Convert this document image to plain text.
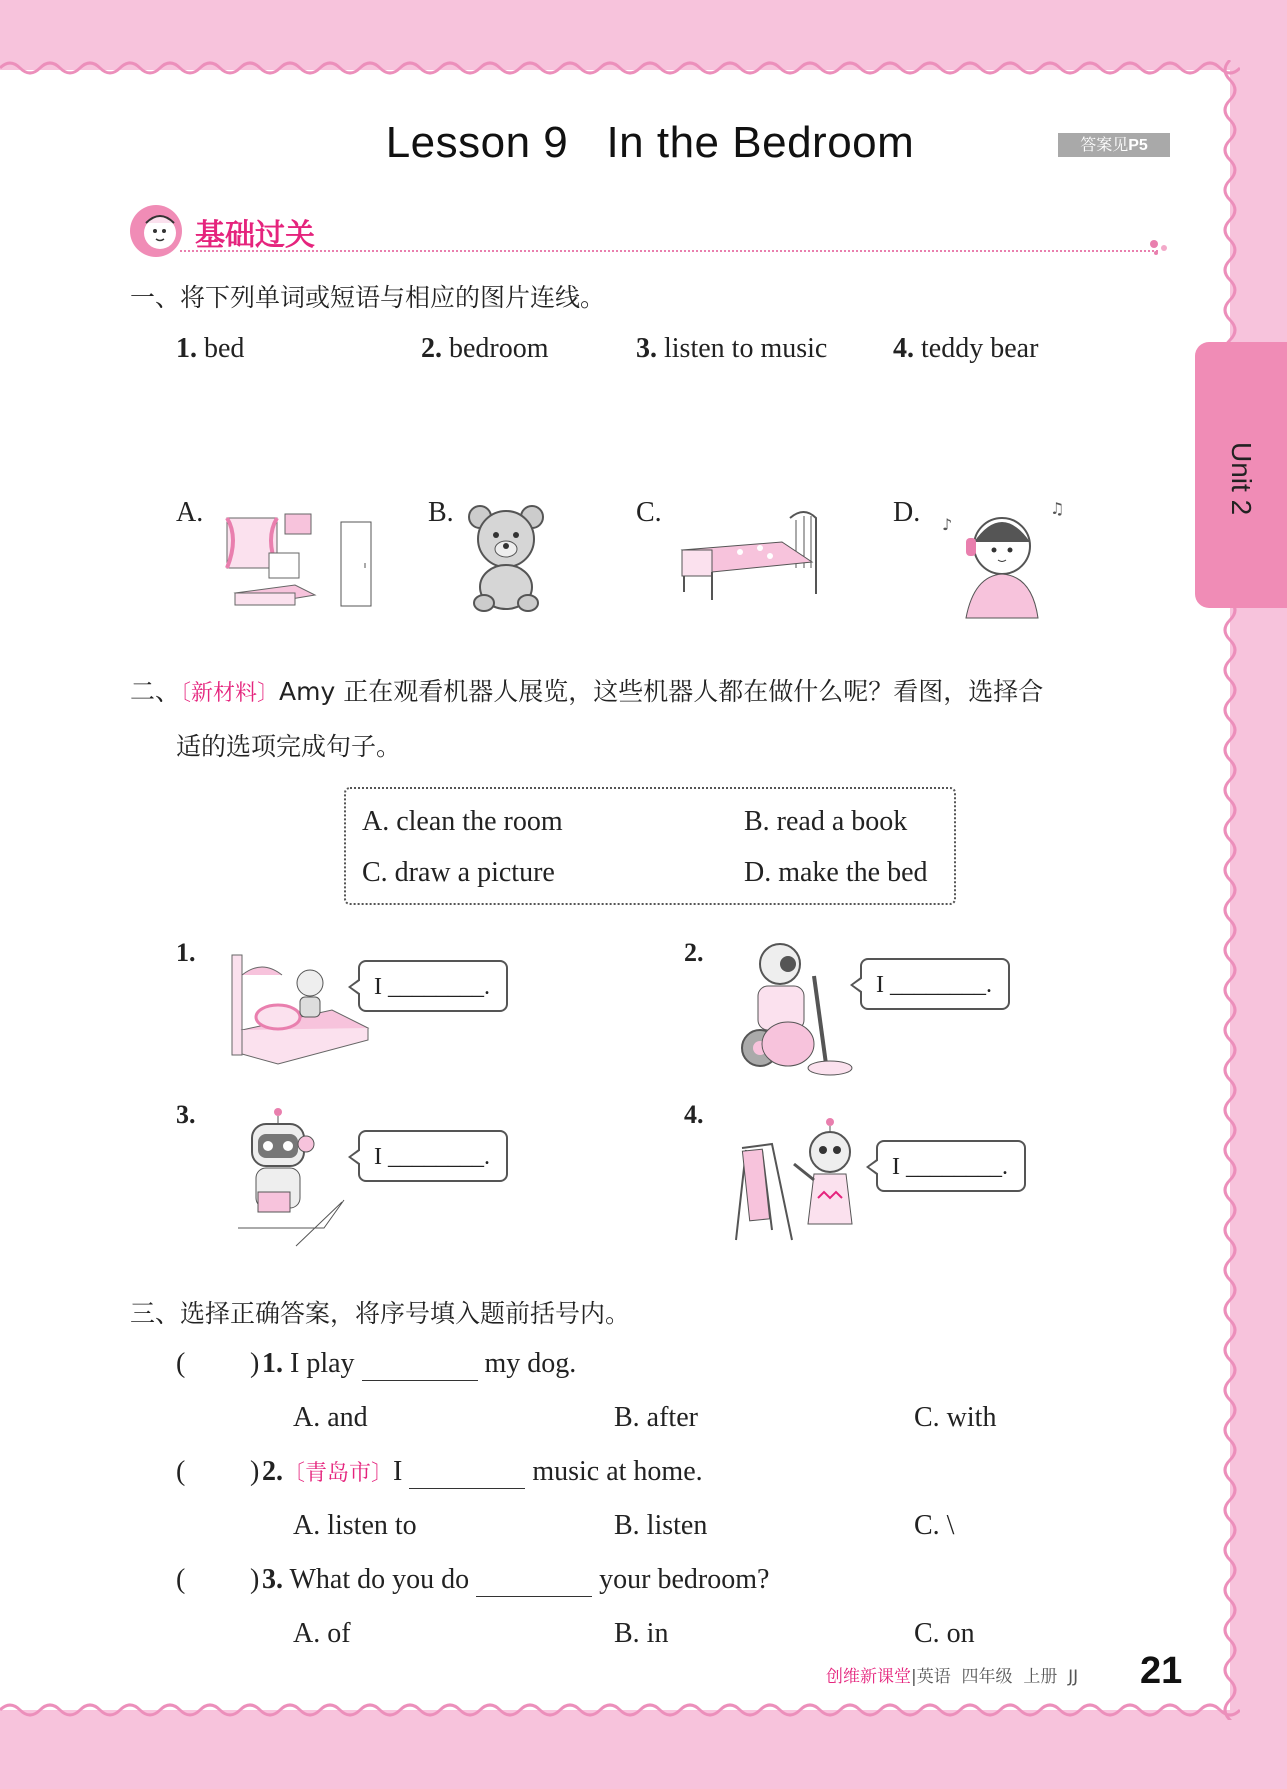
Unit 2
Lesson 9   In the Bedroom	答案见P5
基础过关
一、将下列单词或短语与相应的图片连线。
1. bed	2. bedroom	3. listen to music 4. teddy bear
A.	B.	C.	D. ♪
♫
二、〔新材料〕Amy 正在观看机器人展览，这些机器人都在做什么呢？看图，选择合
适的选项完成句子。
A. clean the room	B. read a book
C. draw a picture	D. make the bed
1.
I ________.
2.
I ________.
3.
I ________.
4.
I ________.
三、选择正确答案，将序号填入题前括号内。
( ) 1. I play	my dog.
A. and	B. after	C. with
( ) 2.〔青岛市〕I	music at home.
A. listen to	B. listen	C. \
( ) 3. What do you do	your bedroom?
A. of	B. in	C. on
创维新课堂|英语  四年级  上册  JJ 21
